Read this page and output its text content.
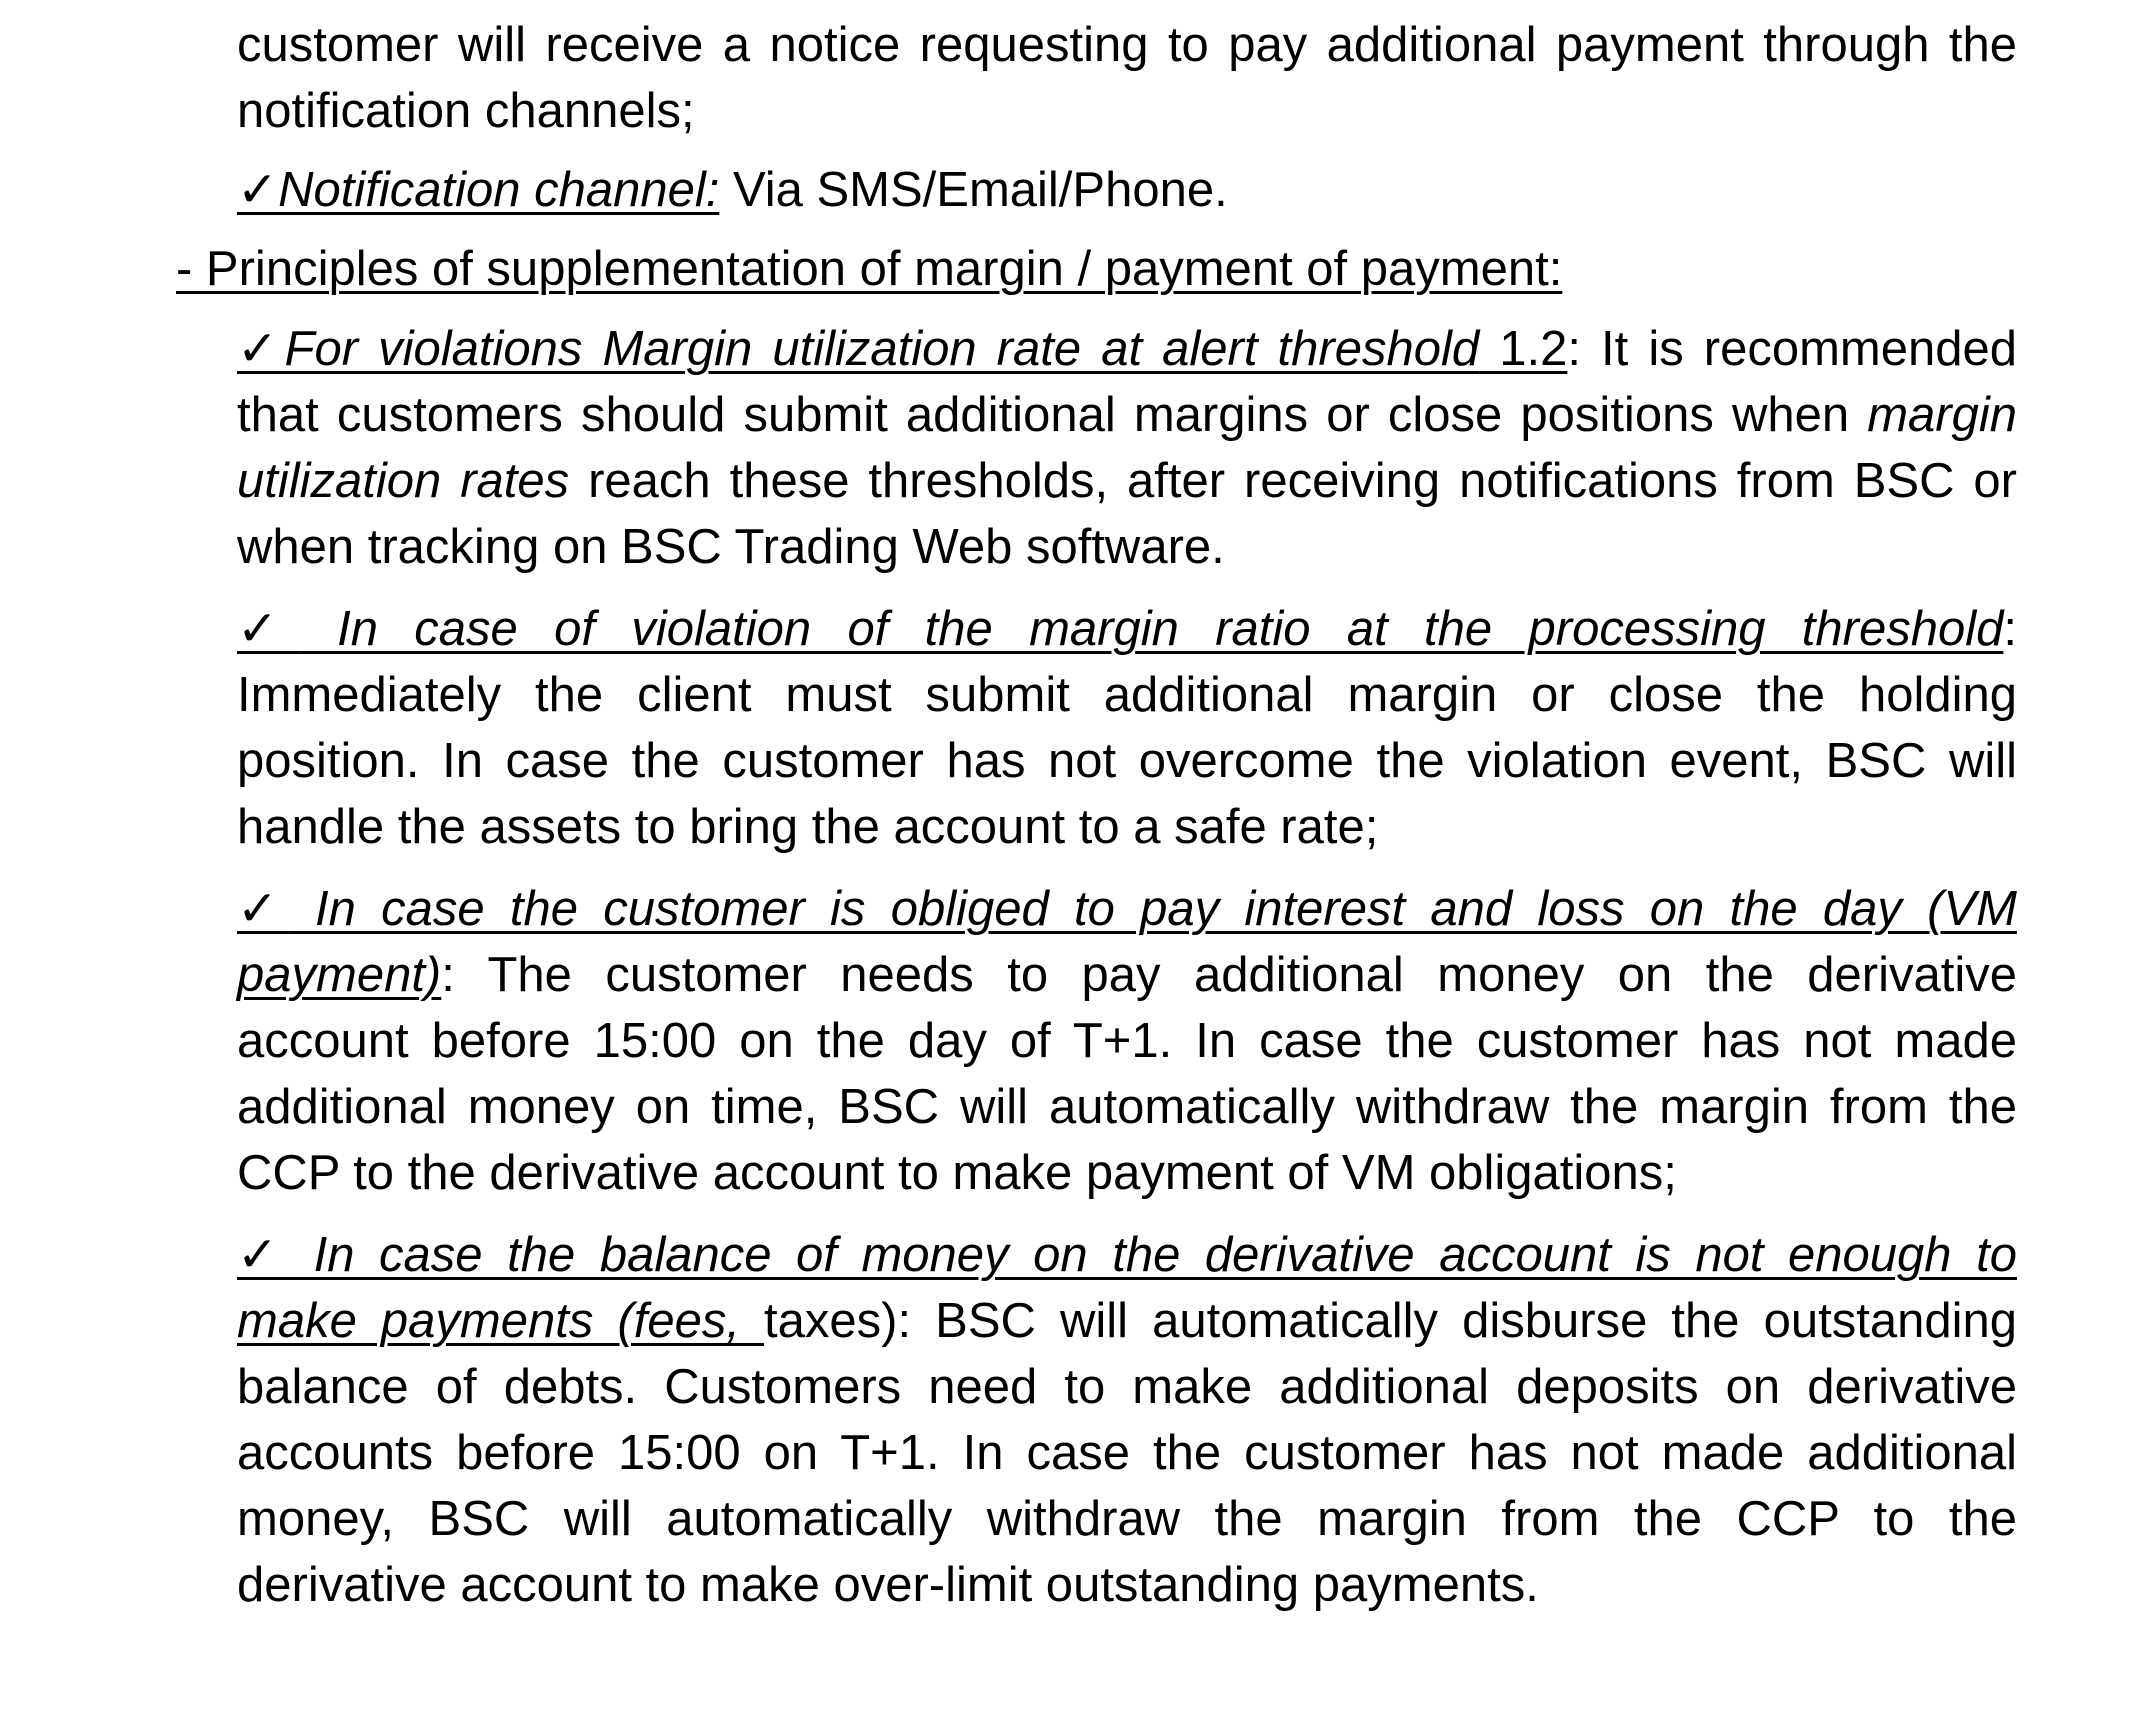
customer will receive a notice requesting to pay additional payment through the
notification channels;
✓Notification channel: Via SMS/Email/Phone.
- Principles of supplementation of margin / payment of payment:
✓For violations Margin utilization rate at alert threshold 1.2: It is recommended
that customers should submit additional margins or close positions when margin
utilization rates reach these thresholds, after receiving notifications from BSC or
when tracking on BSC Trading Web software.
✓ In case of violation of the margin ratio at the processing threshold:
Immediately the client must submit additional margin or close the holding
position. In case the customer has not overcome the violation event, BSC will
handle the assets to bring the account to a safe rate;
✓ In case the customer is obliged to pay interest and loss on the day (VM
payment): The customer needs to pay additional money on the derivative
account before 15:00 on the day of T+1. In case the customer has not made
additional money on time, BSC will automatically withdraw the margin from the
CCP to the derivative account to make payment of VM obligations;
✓ In case the balance of money on the derivative account is not enough to
make payments (fees, taxes): BSC will automatically disburse the outstanding
balance of debts. Customers need to make additional deposits on derivative
accounts before 15:00 on T+1. In case the customer has not made additional
money, BSC will automatically withdraw the margin from the CCP to the
derivative account to make over-limit outstanding payments.
